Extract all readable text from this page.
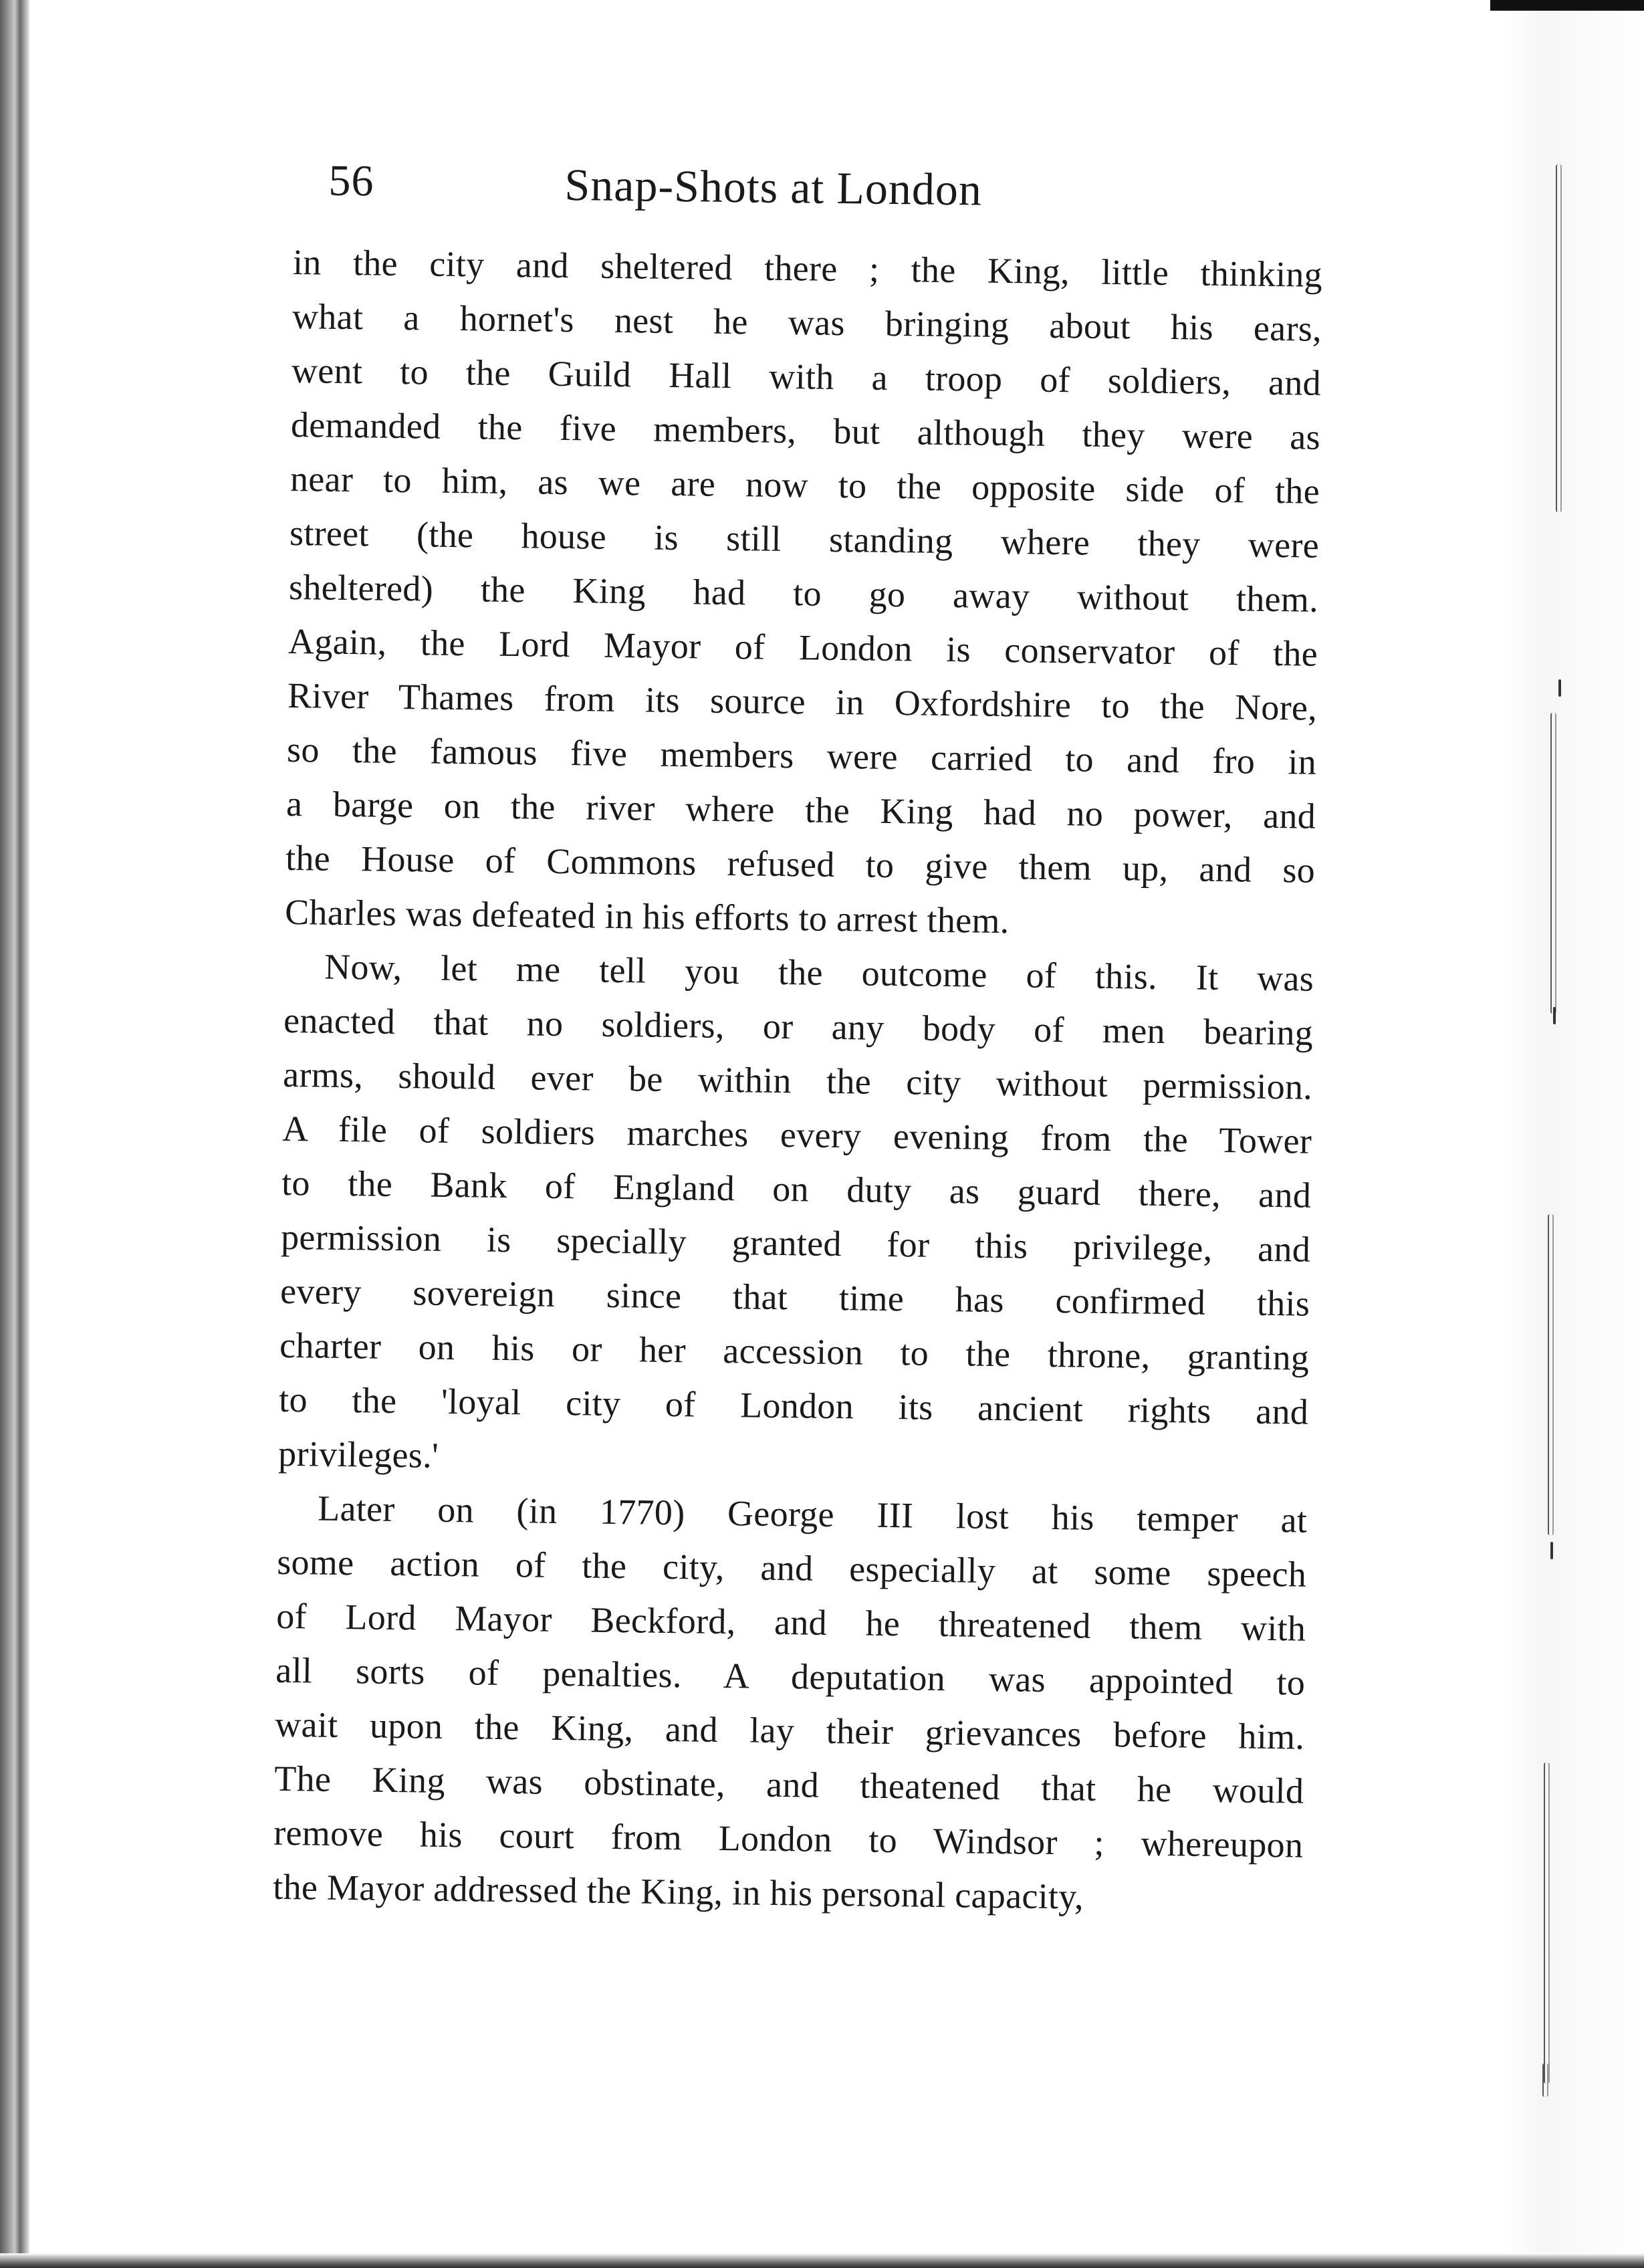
56	Snap-Shots at London
in the city and sheltered there ; the King, little thinking
what a hornet's nest he was bringing about his ears,
went to the Guild Hall with a troop of soldiers, and
demanded the five members, but although they were as
near to him, as we are now to the opposite side of the
street (the house is still standing where they were
sheltered) the King had to go away without them.
Again, the Lord Mayor of London is conservator of the
River Thames from its source in Oxfordshire to the Nore,
so the famous five members were carried to and fro in
a barge on the river where the King had no power, and
the House of Commons refused to give them up, and so
Charles was defeated in his efforts to arrest them.
Now, let me tell you the outcome of this. It was
enacted that no soldiers, or any body of men bearing
arms, should ever be within the city without permission.
A file of soldiers marches every evening from the Tower
to the Bank of England on duty as guard there, and
permission is specially granted for this privilege, and
every sovereign since that time has confirmed this
charter on his or her accession to the throne, granting
to the 'loyal city of London its ancient rights and
privileges.'
Later on (in 1770) George III lost his temper at
some action of the city, and especially at some speech
of Lord Mayor Beckford, and he threatened them with
all sorts of penalties. A deputation was appointed to
wait upon the King, and lay their grievances before him.
The King was obstinate, and theatened that he would
remove his court from London to Windsor ; whereupon
the Mayor addressed the King, in his personal capacity,
